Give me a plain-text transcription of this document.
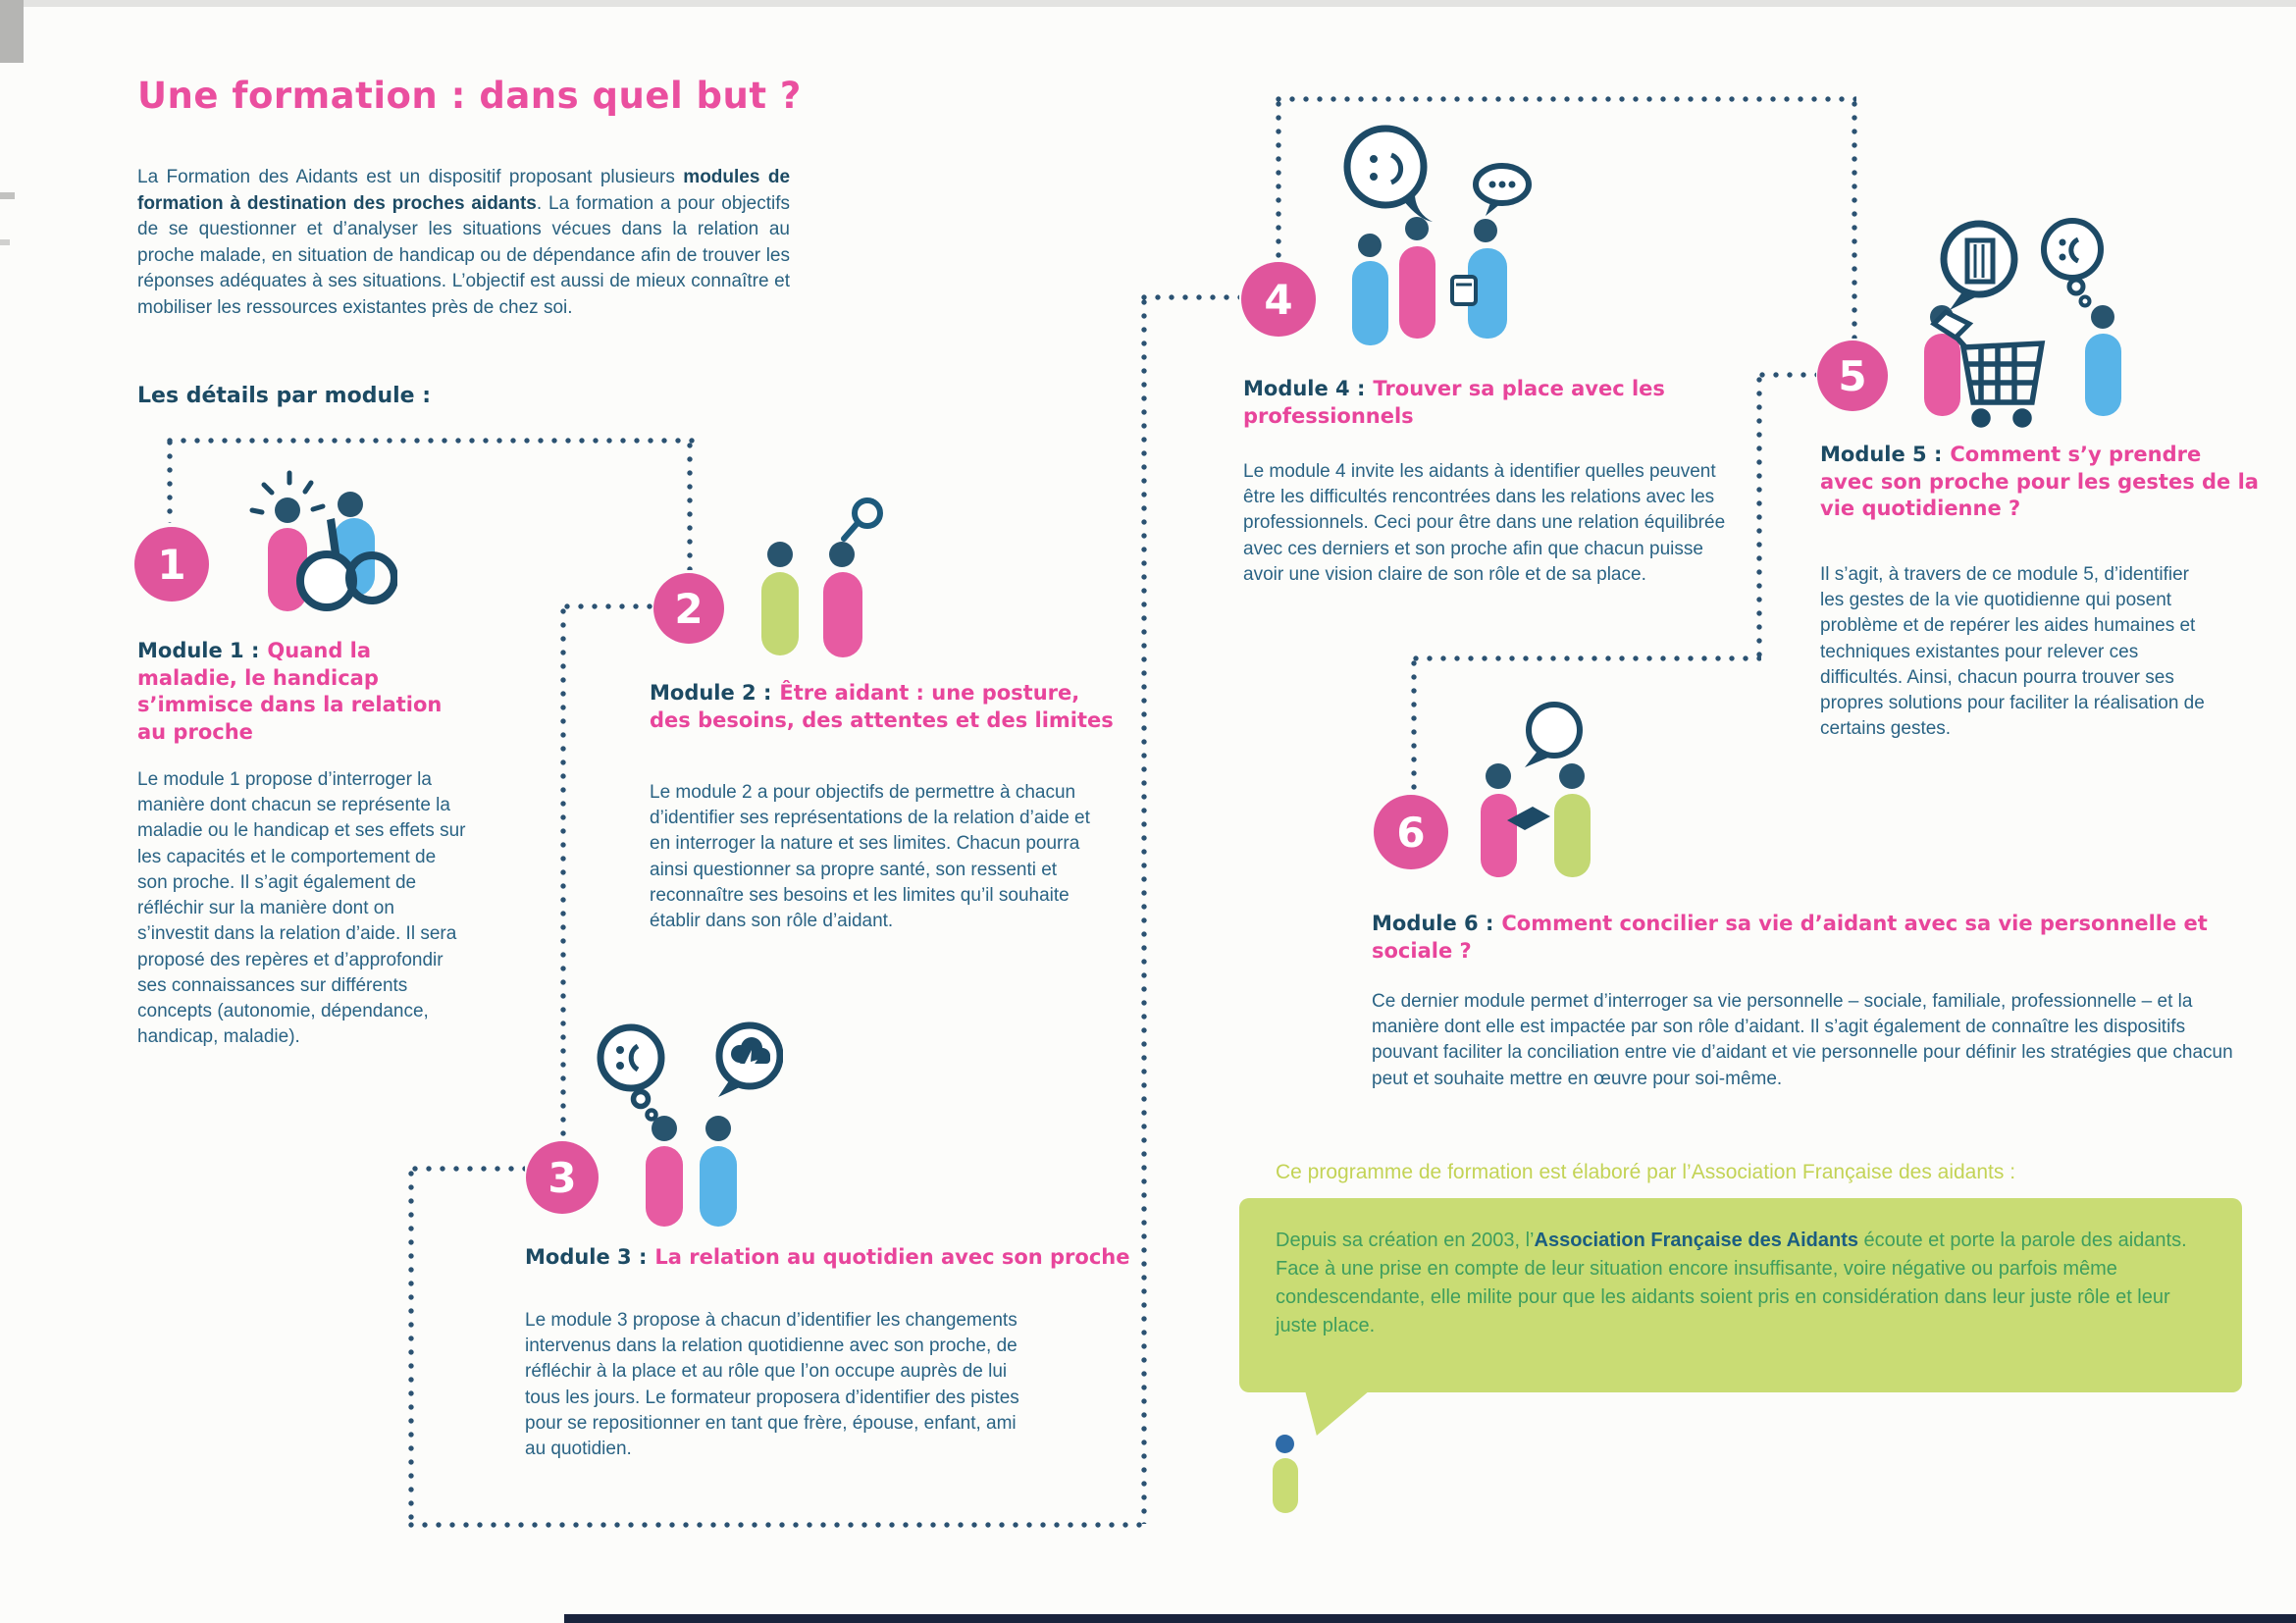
Une formation : dans quel but ?

La Formation des Aidants est un dispositif proposant plusieurs modules de formation à destination des proches aidants. La formation a pour objectifs de se questionner et d’analyser les situations vécues dans la relation au proche malade, en situation de handicap ou de dépendance afin de trouver les réponses adéquates à ses situations. L’objectif est aussi de mieux connaître et mobiliser les ressources existantes près de chez soi.

Les détails par module :
1
2
3
4
5
6
Module 1 : Quand la maladie, le handicap s’immisce dans la relation au proche
Le module 1 propose d’interroger la manière dont chacun se représente la maladie ou le handicap et ses effets sur les capacités et le comportement de son proche. Il s’agit également de réfléchir sur la manière dont on s’investit dans la relation d’aide. Il sera proposé des repères et d’approfondir ses connaissances sur différents concepts (autonomie, dépendance, handicap, maladie).
Module 2 : Être aidant : une posture, des besoins, des attentes et des limites
Le module 2 a pour objectifs de permettre à chacun d’identifier ses représentations de la relation d’aide et en interroger la nature et ses limites. Chacun pourra ainsi questionner sa propre santé, son ressenti et reconnaître ses besoins et les limites qu’il souhaite établir dans son rôle d’aidant.
Module 3 : La relation au quotidien avec son proche
Le module 3 propose à chacun d’identifier les changements intervenus dans la relation quotidienne avec son proche, de réfléchir à la place et au rôle que l’on occupe auprès de lui tous les jours. Le formateur proposera d’identifier des pistes pour se repositionner en tant que frère, épouse, enfant, ami au quotidien.
Module 4 : Trouver sa place avec les professionnels
Le module 4 invite les aidants à identifier quelles peuvent être les difficultés rencontrées dans les relations avec les professionnels. Ceci pour être dans une relation équilibrée avec ces derniers et son proche afin que chacun puisse avoir une vision claire de son rôle et de sa place.
Module 5 : Comment s’y prendre avec son proche pour les gestes de la vie quotidienne ?
Il s’agit, à travers de ce module 5, d’identifier les gestes de la vie quotidienne qui posent problème et de repérer les aides humaines et techniques existantes pour relever ces difficultés. Ainsi, chacun pourra trouver ses propres solutions pour faciliter la réalisation de certains gestes.
Module 6 : Comment concilier sa vie d’aidant avec sa vie personnelle et sociale ?
Ce dernier module permet d’interroger sa vie personnelle – sociale, familiale, professionnelle – et la manière dont elle est impactée par son rôle d’aidant. Il s’agit également de connaître les dispositifs pouvant faciliter la conciliation entre vie d’aidant et vie personnelle pour définir les stratégies que chacun peut et souhaite mettre en œuvre pour soi-même.
Ce programme de formation est élaboré par l’Association Française des aidants :
Depuis sa création en 2003, l’Association Française des Aidants écoute et porte la parole des aidants. Face à une prise en compte de leur situation encore insuffisante, voire négative ou parfois même condescendante, elle milite pour que les aidants soient pris en considération dans leur juste rôle et leur juste place.
